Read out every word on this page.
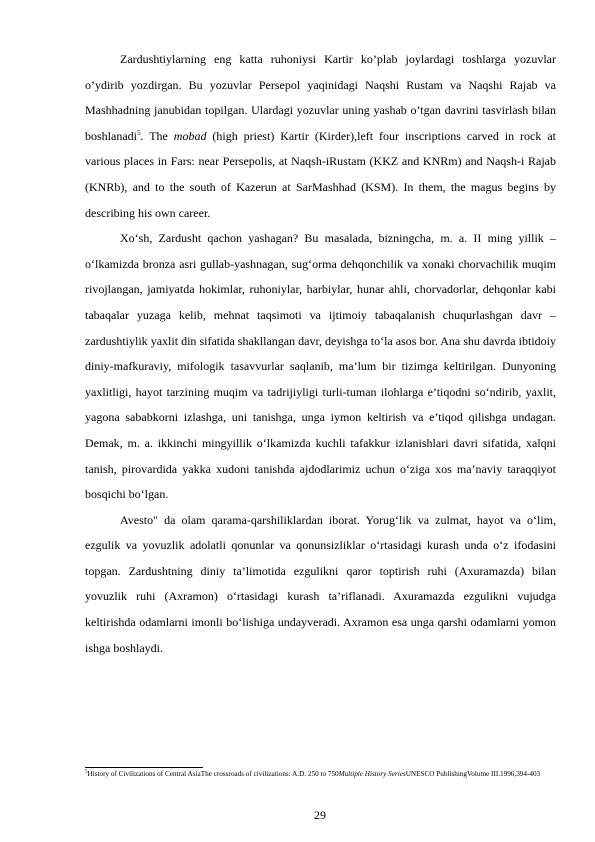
Zardushtiylarning eng katta ruhoniysi Kartir ko’plab joylardagi toshlarga yozuvlar o’ydirib yozdirgan. Bu yozuvlar Persepol yaqinidagi Naqshi Rustam va Naqshi Rajab va Mashhadning janubidan topilgan. Ulardagi yozuvlar uning yashab o’tgan davrini tasvirlash bilan boshlanadi$^5$. The mobad (high priest) Kartir (Kirder),left four inscriptions carved in rock at various places in Fars: near Persepolis, at Naqsh-iRustam (KKZ and KNRm) and Naqsh-i Rajab (KNRb), and to the south of Kazerun at SarMashhad (KSM). In them, the magus begins by describing his own career.

Xo‘sh, Zardusht qachon yashagan? Bu masalada, bizningcha, m. a. II ming yillik – o‘lkamizda bronza asri gullab-yashnagan, sug‘orma dehqonchilik va xonaki chorvachilik muqim rivojlangan, jamiyatda hokimlar, ruhoniylar, harbiylar, hunar ahli, chorvadorlar, dehqonlar kabi tabaqalar yuzaga kelib, mehnat taqsimoti va ijtimoiy tabaqalanish chuqurlashgan davr – zardushtiylik yaxlit din sifatida shakllangan davr, deyishga to‘la asos bor. Ana shu davrda ibtidoiy diniy-mafkuraviy, mifologik tasavvurlar saqlanib, ma’lum bir tizimga keltirilgan. Dunyoning yaxlitligi, hayot tarzining muqim va tadrijiyligi turli-tuman ilohlarga e’tiqodni so‘ndirib, yaxlit, yagona sababkorni izlashga, uni tanishga, unga iymon keltirish va e’tiqod qilishga undagan. Demak, m. a. ikkinchi mingyillik o‘lkamizda kuchli tafakkur izlanishlari davri sifatida, xalqni tanish, pirovardida yakka xudoni tanishda ajdodlarimiz uchun o‘ziga xos ma’naviy taraqqiyot bosqichi bo‘lgan.

Avesto" da olam qarama-qarshiliklardan iborat. Yorug‘lik va zulmat, hayot va o‘lim, ezgulik va yovuzlik adolatli qonunlar va qonunsizliklar o‘rtasidagi kurash unda o‘z ifodasini topgan. Zardushtning diniy ta’limotida ezgulikni qaror toptirish ruhi (Axuramazda) bilan yovuzlik ruhi (Axramon) o‘rtasidagi kurash ta’riflanadi. Axuramazda ezgulikni vujudga keltirishda odamlarni imonli bo‘lishiga undayveradi. Axramon esa unga qarshi odamlarni yomon ishga boshlaydi.

$^5$History of Civilizations of Central AsiaThe crossroads of civilizations: A.D. 250 to 750Multiple History SeriesUNESCO PublishingVolume III.1996,394-403
29
